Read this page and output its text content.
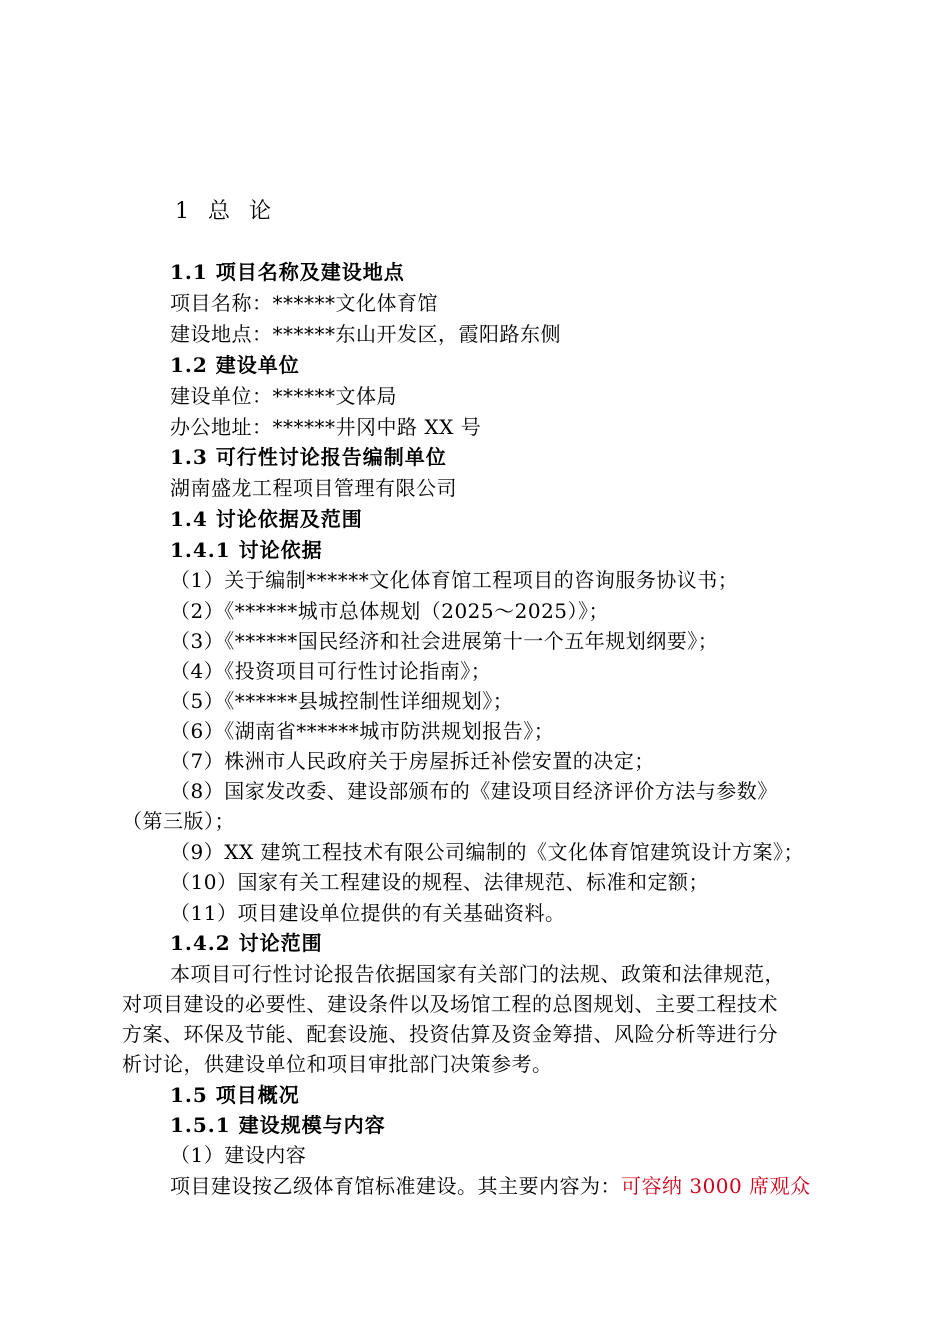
1 总 论
1.1 项目名称及建设地点
项目名称：******文化体育馆
建设地点：******东山开发区，霞阳路东侧
1.2 建设单位
建设单位：******文体局
办公地址：******井冈中路 XX 号
1.3 可行性讨论报告编制单位
湖南盛龙工程项目管理有限公司
1.4 讨论依据及范围
1.4.1 讨论依据
（1）关于编制******文化体育馆工程项目的咨询服务协议书；
（2）《******城市总体规划（2025～2025）》；
（3）《******国民经济和社会进展第十一个五年规划纲要》；
（4）《投资项目可行性讨论指南》；
（5）《******县城控制性详细规划》；
（6）《湖南省******城市防洪规划报告》；
（7）株洲市人民政府关于房屋拆迁补偿安置的决定；
（8）国家发改委、建设部颁布的《建设项目经济评价方法与参数》
（第三版）；
（9）XX 建筑工程技术有限公司编制的《文化体育馆建筑设计方案》；
（10）国家有关工程建设的规程、法律规范、标准和定额；
（11）项目建设单位提供的有关基础资料。
1.4.2 讨论范围
本项目可行性讨论报告依据国家有关部门的法规、政策和法律规范，
对项目建设的必要性、建设条件以及场馆工程的总图规划、主要工程技术
方案、环保及节能、配套设施、投资估算及资金筹措、风险分析等进行分
析讨论，供建设单位和项目审批部门决策参考。
1.5 项目概况
1.5.1 建设规模与内容
（1）建设内容
项目建设按乙级体育馆标准建设。其主要内容为：可容纳 3000 席观众
